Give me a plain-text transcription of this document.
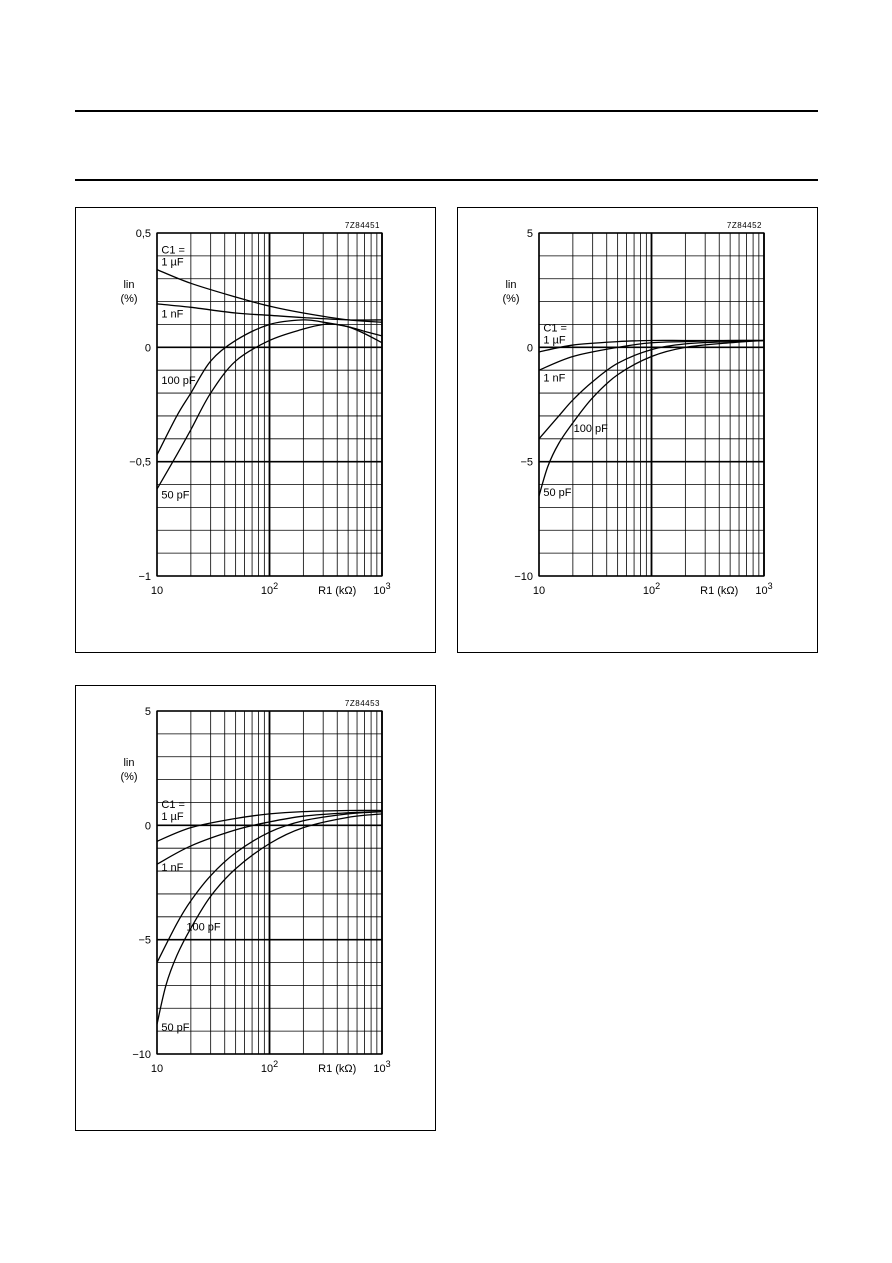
7Z84451
0,5
0
−0,5
−1
10	$10^2$	$10^3$
R1 (kΩ)
lin (%)
C1 = 1 µF
1 nF
100 pF
50 pF
7Z84452
5
0
−5
−10
10	$10^2$	$10^3$
R1 (kΩ)
lin (%)
C1 = 1 µF
1 nF
100 pF
50 pF
7Z84453
5
0
−5
−10
10	$10^2$	$10^3$
R1 (kΩ)
lin (%)
C1 = 1 µF
1 nF
100 pF
50 pF
